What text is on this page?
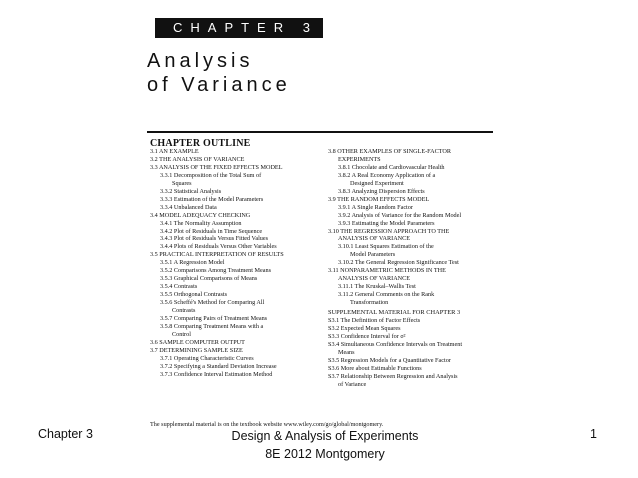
CHAPTER 3
Analysis
of Variance
CHAPTER OUTLINE
3.1 AN EXAMPLE
3.2 THE ANALYSIS OF VARIANCE
3.3 ANALYSIS OF THE FIXED EFFECTS MODEL
3.3.1 Decomposition of the Total Sum of
Squares
3.3.2 Statistical Analysis
3.3.3 Estimation of the Model Parameters
3.3.4 Unbalanced Data
3.4 MODEL ADEQUACY CHECKING
3.4.1 The Normality Assumption
3.4.2 Plot of Residuals in Time Sequence
3.4.3 Plot of Residuals Versus Fitted Values
3.4.4 Plots of Residuals Versus Other Variables
3.5 PRACTICAL INTERPRETATION OF RESULTS
3.5.1 A Regression Model
3.5.2 Comparisons Among Treatment Means
3.5.3 Graphical Comparisons of Means
3.5.4 Contrasts
3.5.5 Orthogonal Contrasts
3.5.6 Scheffé's Method for Comparing All
Contrasts
3.5.7 Comparing Pairs of Treatment Means
3.5.8 Comparing Treatment Means with a
Control
3.6 SAMPLE COMPUTER OUTPUT
3.7 DETERMINING SAMPLE SIZE
3.7.1 Operating Characteristic Curves
3.7.2 Specifying a Standard Deviation Increase
3.7.3 Confidence Interval Estimation Method
3.8 OTHER EXAMPLES OF SINGLE-FACTOR
EXPERIMENTS
3.8.1 Chocolate and Cardiovascular Health
3.8.2 A Real Economy Application of a
Designed Experiment
3.8.3 Analyzing Dispersion Effects
3.9 THE RANDOM EFFECTS MODEL
3.9.1 A Single Random Factor
3.9.2 Analysis of Variance for the Random Model
3.9.3 Estimating the Model Parameters
3.10 THE REGRESSION APPROACH TO THE
ANALYSIS OF VARIANCE
3.10.1 Least Squares Estimation of the
Model Parameters
3.10.2 The General Regression Significance Test
3.11 NONPARAMETRIC METHODS IN THE
ANALYSIS OF VARIANCE
3.11.1 The Kruskal–Wallis Test
3.11.2 General Comments on the Rank
Transformation
SUPPLEMENTAL MATERIAL FOR CHAPTER 3
S3.1 The Definition of Factor Effects
S3.2 Expected Mean Squares
S3.3 Confidence Interval for σ²
S3.4 Simultaneous Confidence Intervals on Treatment
Means
S3.5 Regression Models for a Quantitative Factor
S3.6 More about Estimable Functions
S3.7 Relationship Between Regression and Analysis
of Variance
The supplemental material is on the textbook website www.wiley.com/go/global/montgomery.
Chapter 3	Design & Analysis of Experiments
8E 2012 Montgomery
1
